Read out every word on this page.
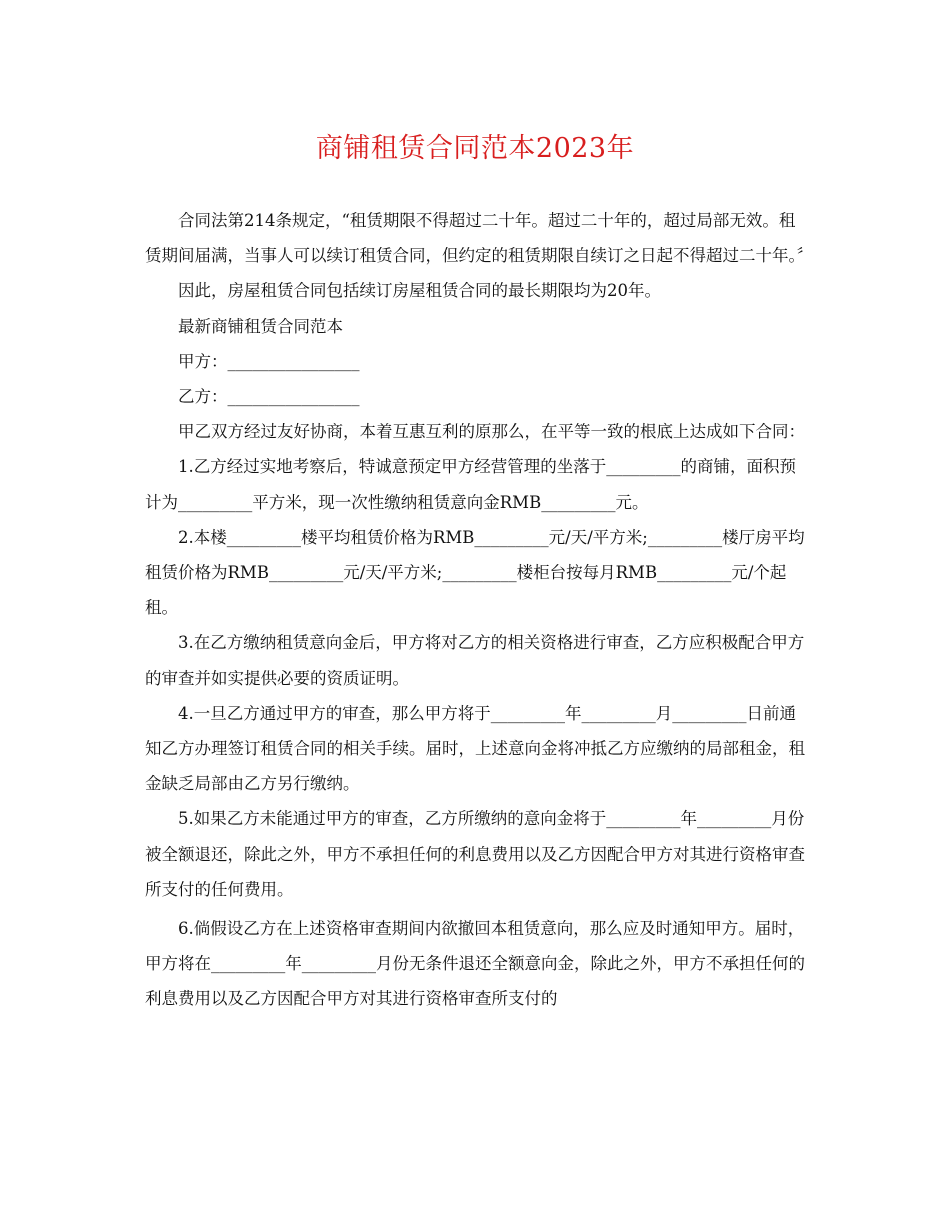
商铺租赁合同范本2023年

合同法第214条规定，“租赁期限不得超过二十年。超过二十年的，超过局部无效。租赁期间届满，当事人可以续订租赁合同，但约定的租赁期限自续订之日起不得超过二十年。〞

因此，房屋租赁合同包括续订房屋租赁合同的最长期限均为20年。

最新商铺租赁合同范本

甲方：________________

乙方：________________

甲乙双方经过友好协商，本着互惠互利的原那么，在平等一致的根底上达成如下合同：

1.乙方经过实地考察后，特诚意预定甲方经营管理的坐落于_________的商铺，面积预计为_________平方米，现一次性缴纳租赁意向金RMB_________元。

2.本楼_________楼平均租赁价格为RMB_________元/天/平方米;_________楼厅房平均租赁价格为RMB_________元/天/平方米;_________楼柜台按每月RMB_________元/个起租。

3.在乙方缴纳租赁意向金后，甲方将对乙方的相关资格进行审查，乙方应积极配合甲方的审查并如实提供必要的资质证明。

4.一旦乙方通过甲方的审查，那么甲方将于_________年_________月_________日前通知乙方办理签订租赁合同的相关手续。届时，上述意向金将冲抵乙方应缴纳的局部租金，租金缺乏局部由乙方另行缴纳。

5.如果乙方未能通过甲方的审查，乙方所缴纳的意向金将于_________年_________月份被全额退还，除此之外，甲方不承担任何的利息费用以及乙方因配合甲方对其进行资格审查所支付的任何费用。

6.倘假设乙方在上述资格审查期间内欲撤回本租赁意向，那么应及时通知甲方。届时，甲方将在_________年_________月份无条件退还全额意向金，除此之外，甲方不承担任何的利息费用以及乙方因配合甲方对其进行资格审查所支付的
